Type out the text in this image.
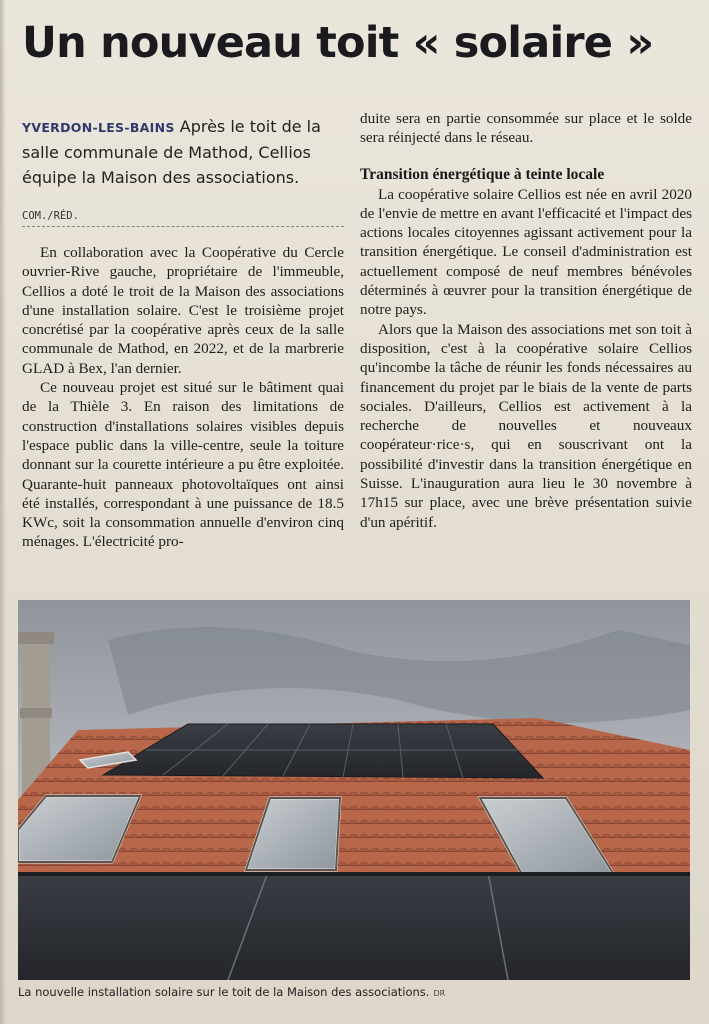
Un nouveau toit « solaire »

YVERDON-LES-BAINS Après le toit de la salle communale de Mathod, Cellios équipe la Maison des associations.

COM./RÉD.

En collaboration avec la Coopérative du Cercle ouvrier-Rive gauche, propriétaire de l'immeuble, Cellios a doté le troit de la Maison des associations d'une installation solaire. C'est le troisième projet concrétisé par la coopérative après ceux de la salle communale de Mathod, en 2022, et de la marbrerie GLAD à Bex, l'an dernier.

Ce nouveau projet est situé sur le bâtiment quai de la Thièle 3. En raison des limitations de construction d'installations solaires visibles depuis l'espace public dans la ville-centre, seule la toiture donnant sur la courette intérieure a pu être exploitée. Quarante-huit panneaux photovoltaïques ont ainsi été installés, correspondant à une puissance de 18.5 KWc, soit la consommation annuelle d'environ cinq ménages. L'électricité pro-

duite sera en partie consommée sur place et le solde sera réinjecté dans le réseau.

Transition énergétique à teinte locale

La coopérative solaire Cellios est née en avril 2020 de l'envie de mettre en avant l'efficacité et l'impact des actions locales citoyennes agissant activement pour la transition énergétique. Le conseil d'administration est actuellement composé de neuf membres bénévoles déterminés à œuvrer pour la transition énergétique de notre pays.

Alors que la Maison des associations met son toit à disposition, c'est à la coopérative solaire Cellios qu'incombe la tâche de réunir les fonds nécessaires au financement du projet par le biais de la vente de parts sociales. D'ailleurs, Cellios est activement à la recherche de nouvelles et nouveaux coopérateur·rice·s, qui en souscrivant ont la possibilité d'investir dans la transition énergétique en Suisse. L'inauguration aura lieu le 30 novembre à 17h15 sur place, avec une brève présentation suivie d'un apéritif.

La nouvelle installation solaire sur le toit de la Maison des associations. DR
